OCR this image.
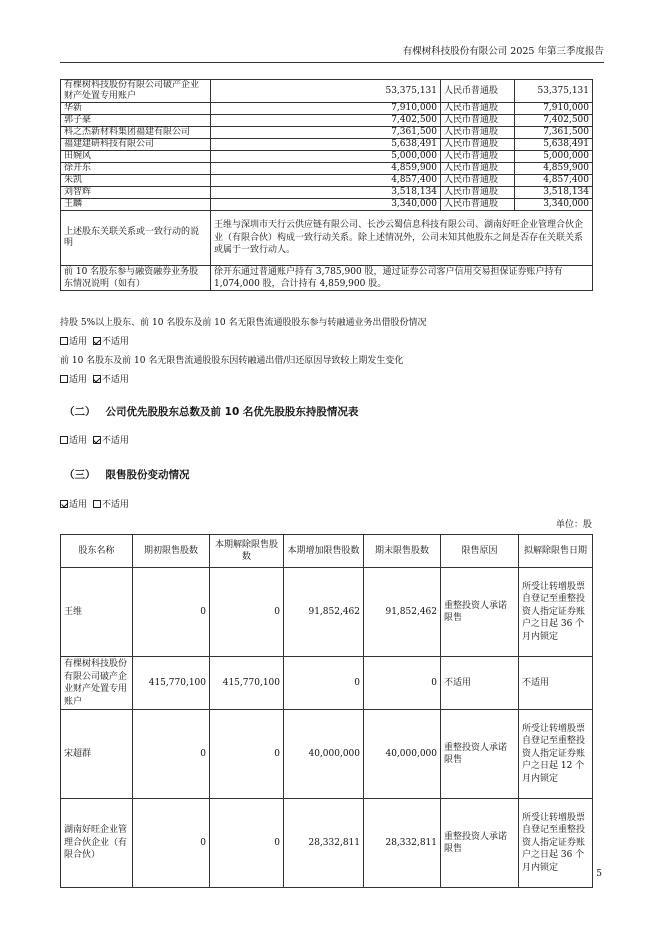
有棵树科技股份有限公司 2025 年第三季度报告
有棵树科技股份有限公司破产企业财产处置专用账户	53,375,131	人民币普通股	53,375,131
华新	7,910,000	人民币普通股	7,910,000
郭子豪	7,402,500	人民币普通股	7,402,500
科之杰新材料集团福建有限公司	7,361,500	人民币普通股	7,361,500
福建建研科技有限公司	5,638,491	人民币普通股	5,638,491
田婉风	5,000,000	人民币普通股	5,000,000
徐开东	4,859,900	人民币普通股	4,859,900
朱凯	4,857,400	人民币普通股	4,857,400
刘智辉	3,518,134	人民币普通股	3,518,134
王麟	3,340,000	人民币普通股	3,340,000
上述股东关联关系或一致行动的说明	王维与深圳市天行云供应链有限公司、长沙云蜀信息科技有限公司、湖南好旺企业管理合伙企业（有限合伙）构成一致行动关系。除上述情况外，公司未知其他股东之间是否存在关联关系或属于一致行动人。		
前 10 名股东参与融资融券业务股东情况说明（如有）	徐开东通过普通账户持有 3,785,900 股，通过证券公司客户信用交易担保证券账户持有 1,074,000 股，合计持有 4,859,900 股。		
持股 5%以上股东、前 10 名股东及前 10 名无限售流通股股东参与转融通业务出借股份情况
适用 不适用
前 10 名股东及前 10 名无限售流通股股东因转融通出借/归还原因导致较上期发生变化
适用 不适用
（二） 公司优先股股东总数及前 10 名优先股股东持股情况表
适用 不适用
（三） 限售股份变动情况
适用 不适用
单位：股
股东名称	期初限售股数	本期解除限售股数	本期增加限售股数	期末限售股数	限售原因	拟解除限售日期
王维	0	0	91,852,462	91,852,462	重整投资人承诺限售	所受让转增股票自登记至重整投资人指定证券账户之日起 36 个月内锁定
有棵树科技股份有限公司破产企业财产处置专用账户	415,770,100	415,770,100	0	0	不适用	不适用
宋超群	0	0	40,000,000	40,000,000	重整投资人承诺限售	所受让转增股票自登记至重整投资人指定证券账户之日起 12 个月内锁定
湖南好旺企业管理合伙企业（有限合伙）	0	0	28,332,811	28,332,811	重整投资人承诺限售	所受让转增股票自登记至重整投资人指定证券账户之日起 36 个月内锁定
5
